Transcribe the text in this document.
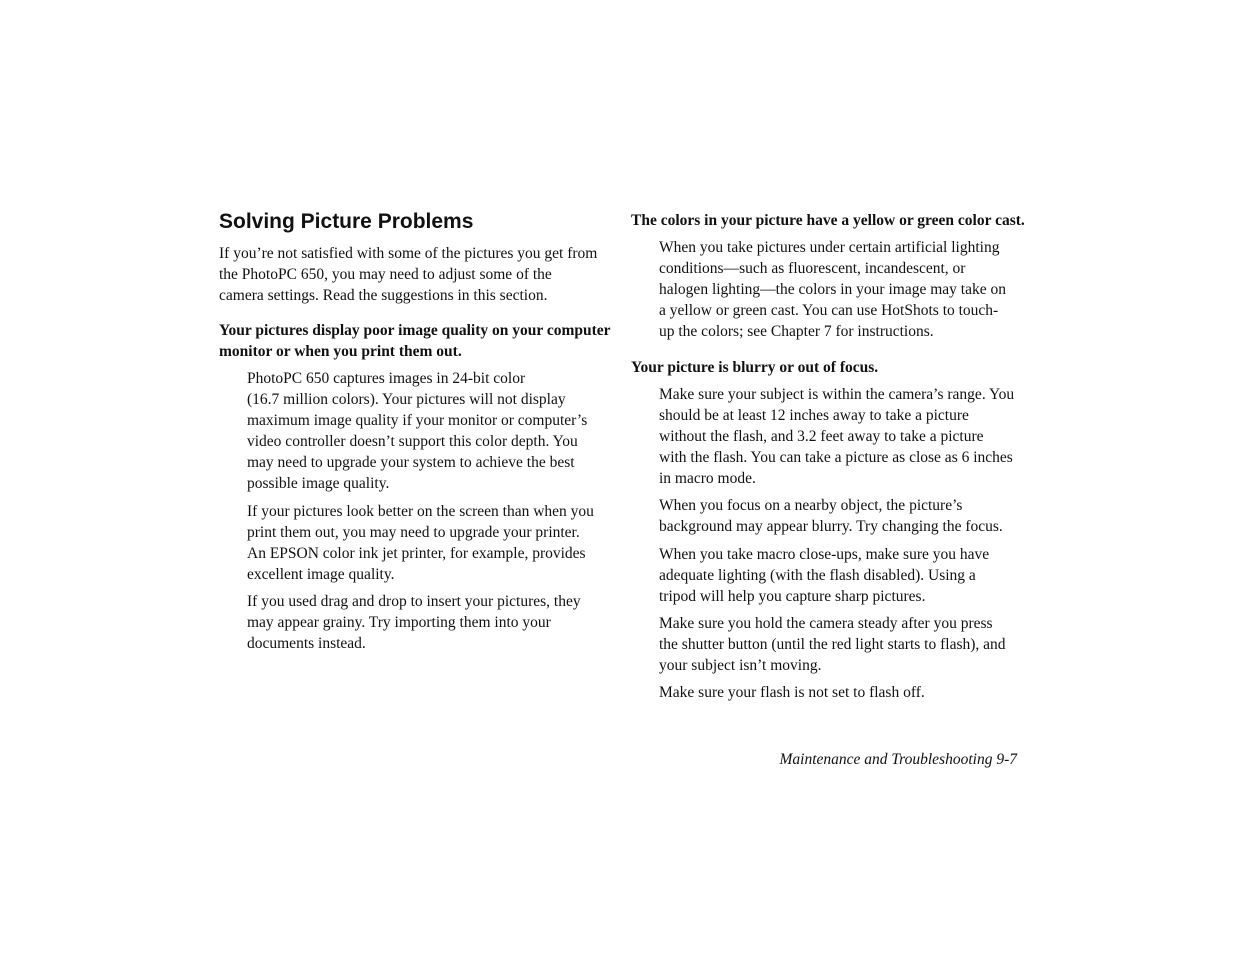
Solving Picture Problems

If you’re not satisfied with some of the pictures you get from
the PhotoPC 650, you may need to adjust some of the
camera settings. Read the suggestions in this section.

Your pictures display poor image quality on your computer
monitor or when you print them out.

PhotoPC 650 captures images in 24-bit color
(16.7 million colors). Your pictures will not display
maximum image quality if your monitor or computer’s
video controller doesn’t support this color depth. You
may need to upgrade your system to achieve the best
possible image quality.

If your pictures look better on the screen than when you
print them out, you may need to upgrade your printer.
An EPSON color ink jet printer, for example, provides
excellent image quality.

If you used drag and drop to insert your pictures, they
may appear grainy. Try importing them into your
documents instead.

The colors in your picture have a yellow or green color cast.

When you take pictures under certain artificial lighting
conditions—such as fluorescent, incandescent, or
halogen lighting—the colors in your image may take on
a yellow or green cast. You can use HotShots to touch-
up the colors; see Chapter 7 for instructions.

Your picture is blurry or out of focus.

Make sure your subject is within the camera’s range. You
should be at least 12 inches away to take a picture
without the flash, and 3.2 feet away to take a picture
with the flash. You can take a picture as close as 6 inches
in macro mode.

When you focus on a nearby object, the picture’s
background may appear blurry. Try changing the focus.

When you take macro close-ups, make sure you have
adequate lighting (with the flash disabled). Using a
tripod will help you capture sharp pictures.

Make sure you hold the camera steady after you press
the shutter button (until the red light starts to flash), and
your subject isn’t moving.

Make sure your flash is not set to flash off.

Maintenance and Troubleshooting 9-7
